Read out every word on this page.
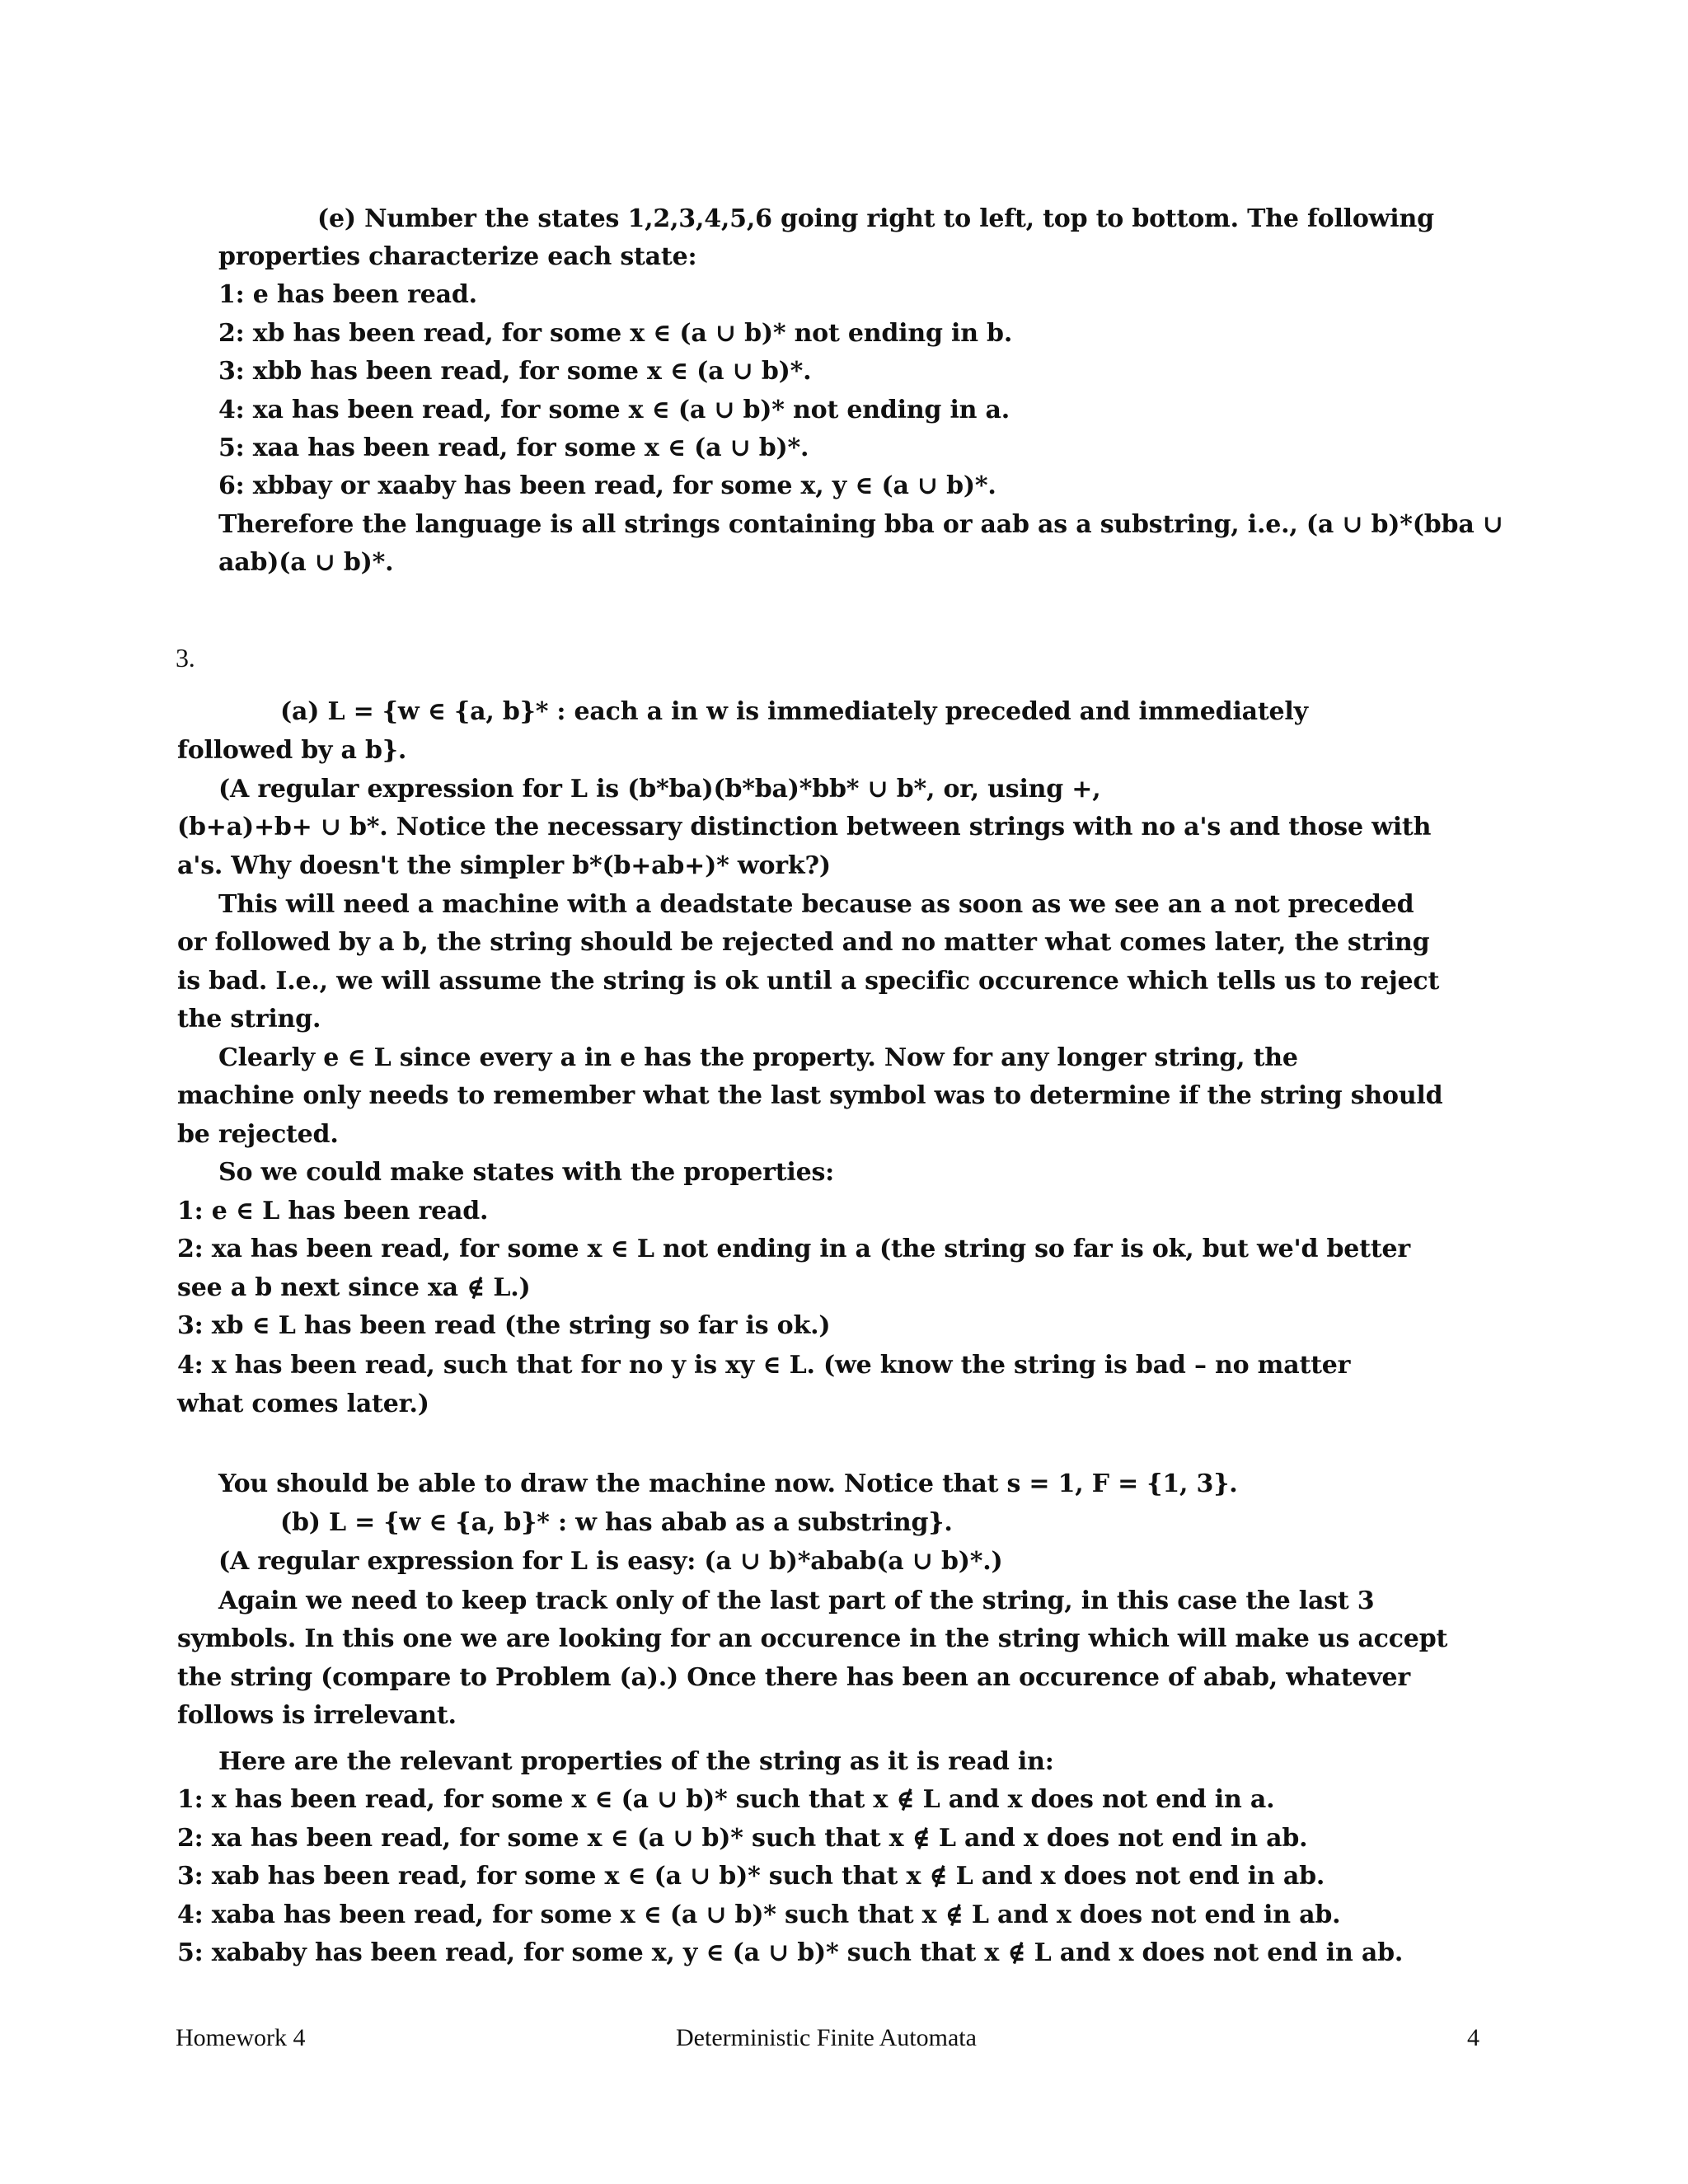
(e) Number the states 1,2,3,4,5,6 going right to left, top to bottom. The following
properties characterize each state:
1: e has been read.
2: xb has been read, for some x ∈ (a ∪ b)* not ending in b.
3: xbb has been read, for some x ∈ (a ∪ b)*.
4: xa has been read, for some x ∈ (a ∪ b)* not ending in a.
5: xaa has been read, for some x ∈ (a ∪ b)*.
6: xbbay or xaaby has been read, for some x, y ∈ (a ∪ b)*.
Therefore the language is all strings containing bba or aab as a substring, i.e., (a ∪ b)*(bba ∪
aab)(a ∪ b)*.
3.
(a) L = {w ∈ {a, b}* : each a in w is immediately preceded and immediately
followed by a b}.
(A regular expression for L is (b*ba)(b*ba)*bb* ∪ b*, or, using +,
(b+a)+b+ ∪ b*. Notice the necessary distinction between strings with no a's and those with
a's. Why doesn't the simpler b*(b+ab+)* work?)
This will need a machine with a deadstate because as soon as we see an a not preceded
or followed by a b, the string should be rejected and no matter what comes later, the string
is bad. I.e., we will assume the string is ok until a specific occurence which tells us to reject
the string.
Clearly e ∈ L since every a in e has the property. Now for any longer string, the
machine only needs to remember what the last symbol was to determine if the string should
be rejected.
So we could make states with the properties:
1: e ∈ L has been read.
2: xa has been read, for some x ∈ L not ending in a (the string so far is ok, but we'd better
see a b next since xa ∉ L.)
3: xb ∈ L has been read (the string so far is ok.)
4: x has been read, such that for no y is xy ∈ L. (we know the string is bad – no matter
what comes later.)
You should be able to draw the machine now. Notice that s = 1, F = {1, 3}.
(b) L = {w ∈ {a, b}* : w has abab as a substring}.
(A regular expression for L is easy: (a ∪ b)*abab(a ∪ b)*.)
Again we need to keep track only of the last part of the string, in this case the last 3
symbols. In this one we are looking for an occurence in the string which will make us accept
the string (compare to Problem (a).) Once there has been an occurence of abab, whatever
follows is irrelevant.
Here are the relevant properties of the string as it is read in:
1: x has been read, for some x ∈ (a ∪ b)* such that x ∉ L and x does not end in a.
2: xa has been read, for some x ∈ (a ∪ b)* such that x ∉ L and x does not end in ab.
3: xab has been read, for some x ∈ (a ∪ b)* such that x ∉ L and x does not end in ab.
4: xaba has been read, for some x ∈ (a ∪ b)* such that x ∉ L and x does not end in ab.
5: xababy has been read, for some x, y ∈ (a ∪ b)* such that x ∉ L and x does not end in ab.
Homework 4	Deterministic Finite Automata	4
